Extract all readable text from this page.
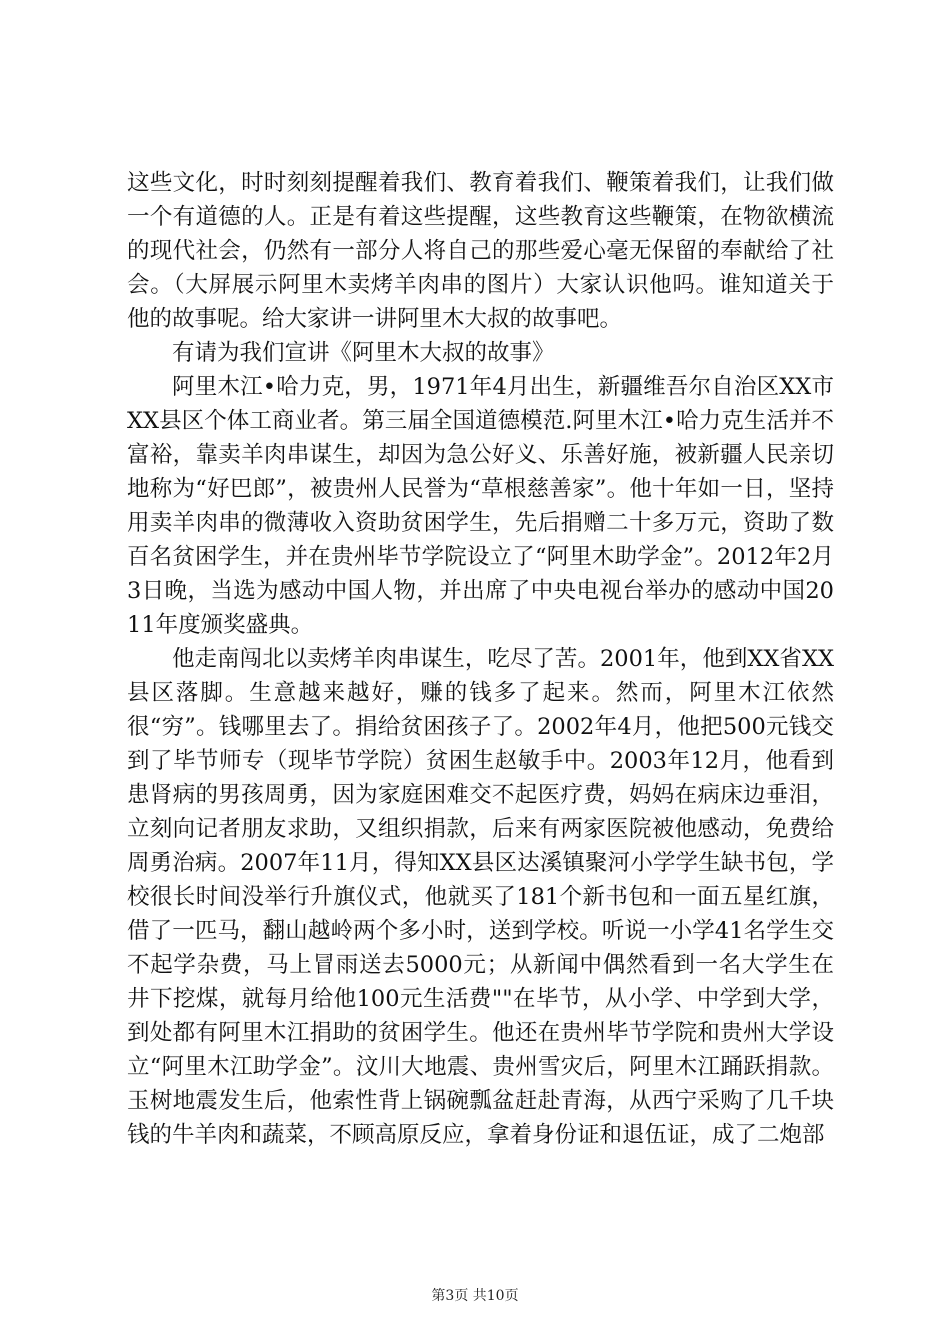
这些文化，时时刻刻提醒着我们、教育着我们、鞭策着我们，让我们做一个有道德的人。正是有着这些提醒，这些教育这些鞭策，在物欲横流的现代社会，仍然有一部分人将自己的那些爱心毫无保留的奉献给了社会。（大屏展示阿里木卖烤羊肉串的图片）大家认识他吗。谁知道关于他的故事呢。给大家讲一讲阿里木大叔的故事吧。

有请为我们宣讲《阿里木大叔的故事》

阿里木江•哈力克，男，1971年4月出生，新疆维吾尔自治区XX市XX县区个体工商业者。第三届全国道德模范.阿里木江•哈力克生活并不富裕，靠卖羊肉串谋生，却因为急公好义、乐善好施，被新疆人民亲切地称为“好巴郎”，被贵州人民誉为“草根慈善家”。他十年如一日，坚持用卖羊肉串的微薄收入资助贫困学生，先后捐赠二十多万元，资助了数百名贫困学生，并在贵州毕节学院设立了“阿里木助学金”。2012年2月3日晚，当选为感动中国人物，并出席了中央电视台举办的感动中国2011年度颁奖盛典。

他走南闯北以卖烤羊肉串谋生，吃尽了苦。2001年，他到XX省XX县区落脚。生意越来越好，赚的钱多了起来。然而，阿里木江依然很“穷”。钱哪里去了。捐给贫困孩子了。2002年4月，他把500元钱交到了毕节师专（现毕节学院）贫困生赵敏手中。2003年12月，他看到患肾病的男孩周勇，因为家庭困难交不起医疗费，妈妈在病床边垂泪，立刻向记者朋友求助，又组织捐款，后来有两家医院被他感动，免费给周勇治病。2007年11月，得知XX县区达溪镇聚河小学学生缺书包，学校很长时间没举行升旗仪式，他就买了181个新书包和一面五星红旗，借了一匹马，翻山越岭两个多小时，送到学校。听说一小学41名学生交不起学杂费，马上冒雨送去5000元；从新闻中偶然看到一名大学生在井下挖煤，就每月给他100元生活费""在毕节，从小学、中学到大学，到处都有阿里木江捐助的贫困学生。他还在贵州毕节学院和贵州大学设立“阿里木江助学金”。汶川大地震、贵州雪灾后，阿里木江踊跃捐款。玉树地震发生后，他索性背上锅碗瓢盆赶赴青海，从西宁采购了几千块钱的牛羊肉和蔬菜，不顾高原反应，拿着身份证和退伍证，成了二炮部

第3页 共10页
